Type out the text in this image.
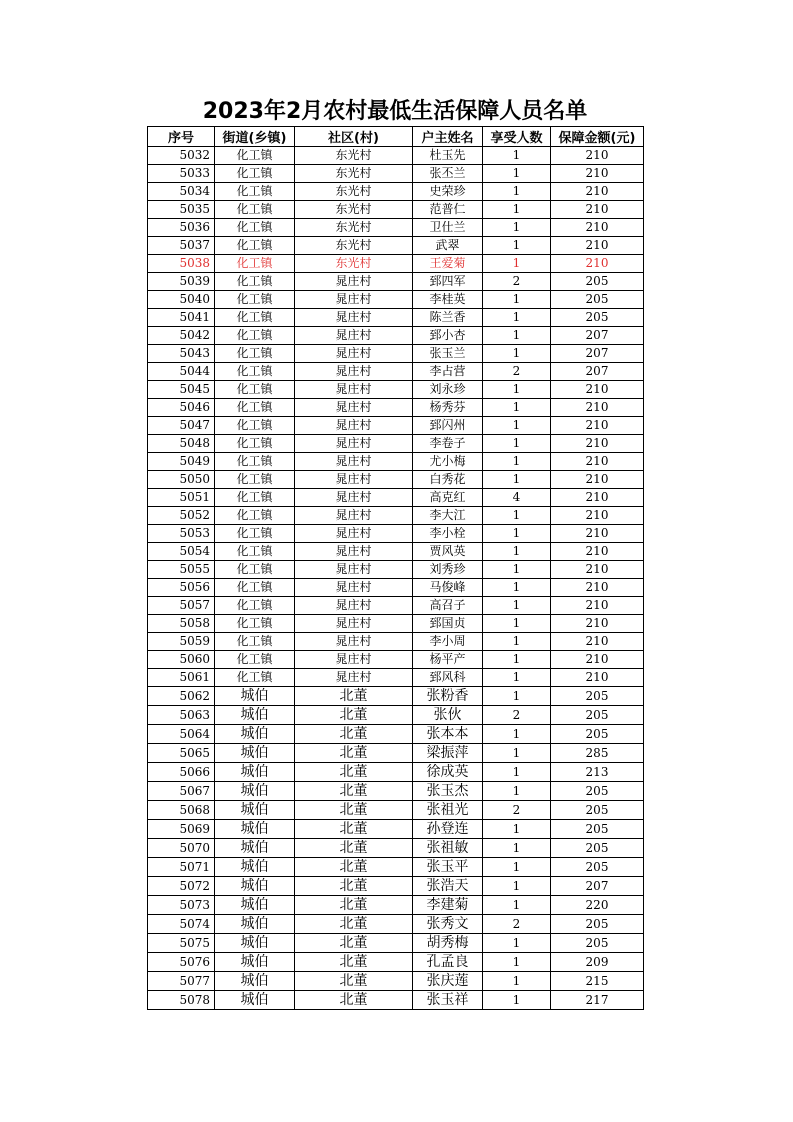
2023年2月农村最低生活保障人员名单
序号	街道(乡镇)	社区(村)	户主姓名	享受人数	保障金额(元)
5032	化工镇	东光村	杜玉先	1	210
5033	化工镇	东光村	张丕兰	1	210
5034	化工镇	东光村	史荣珍	1	210
5035	化工镇	东光村	范普仁	1	210
5036	化工镇	东光村	卫仕兰	1	210
5037	化工镇	东光村	武翠	1	210
5038	化工镇	东光村	王爱菊	1	210
5039	化工镇	晁庄村	郅四军	2	205
5040	化工镇	晁庄村	李桂英	1	205
5041	化工镇	晁庄村	陈兰香	1	205
5042	化工镇	晁庄村	郅小杏	1	207
5043	化工镇	晁庄村	张玉兰	1	207
5044	化工镇	晁庄村	李占营	2	207
5045	化工镇	晁庄村	刘永珍	1	210
5046	化工镇	晁庄村	杨秀芬	1	210
5047	化工镇	晁庄村	郅闪州	1	210
5048	化工镇	晁庄村	李卷子	1	210
5049	化工镇	晁庄村	尤小梅	1	210
5050	化工镇	晁庄村	白秀花	1	210
5051	化工镇	晁庄村	高克红	4	210
5052	化工镇	晁庄村	李大江	1	210
5053	化工镇	晁庄村	李小栓	1	210
5054	化工镇	晁庄村	贾风英	1	210
5055	化工镇	晁庄村	刘秀珍	1	210
5056	化工镇	晁庄村	马俊峰	1	210
5057	化工镇	晁庄村	高召子	1	210
5058	化工镇	晁庄村	郅国贞	1	210
5059	化工镇	晁庄村	李小周	1	210
5060	化工镇	晁庄村	杨平产	1	210
5061	化工镇	晁庄村	郅风科	1	210
5062	城伯	北董	张粉香	1	205
5063	城伯	北董	张伙	2	205
5064	城伯	北董	张本本	1	205
5065	城伯	北董	梁振萍	1	285
5066	城伯	北董	徐成英	1	213
5067	城伯	北董	张玉杰	1	205
5068	城伯	北董	张祖光	2	205
5069	城伯	北董	孙登连	1	205
5070	城伯	北董	张祖敏	1	205
5071	城伯	北董	张玉平	1	205
5072	城伯	北董	张浩天	1	207
5073	城伯	北董	李建菊	1	220
5074	城伯	北董	张秀文	2	205
5075	城伯	北董	胡秀梅	1	205
5076	城伯	北董	孔孟良	1	209
5077	城伯	北董	张庆莲	1	215
5078	城伯	北董	张玉祥	1	217
